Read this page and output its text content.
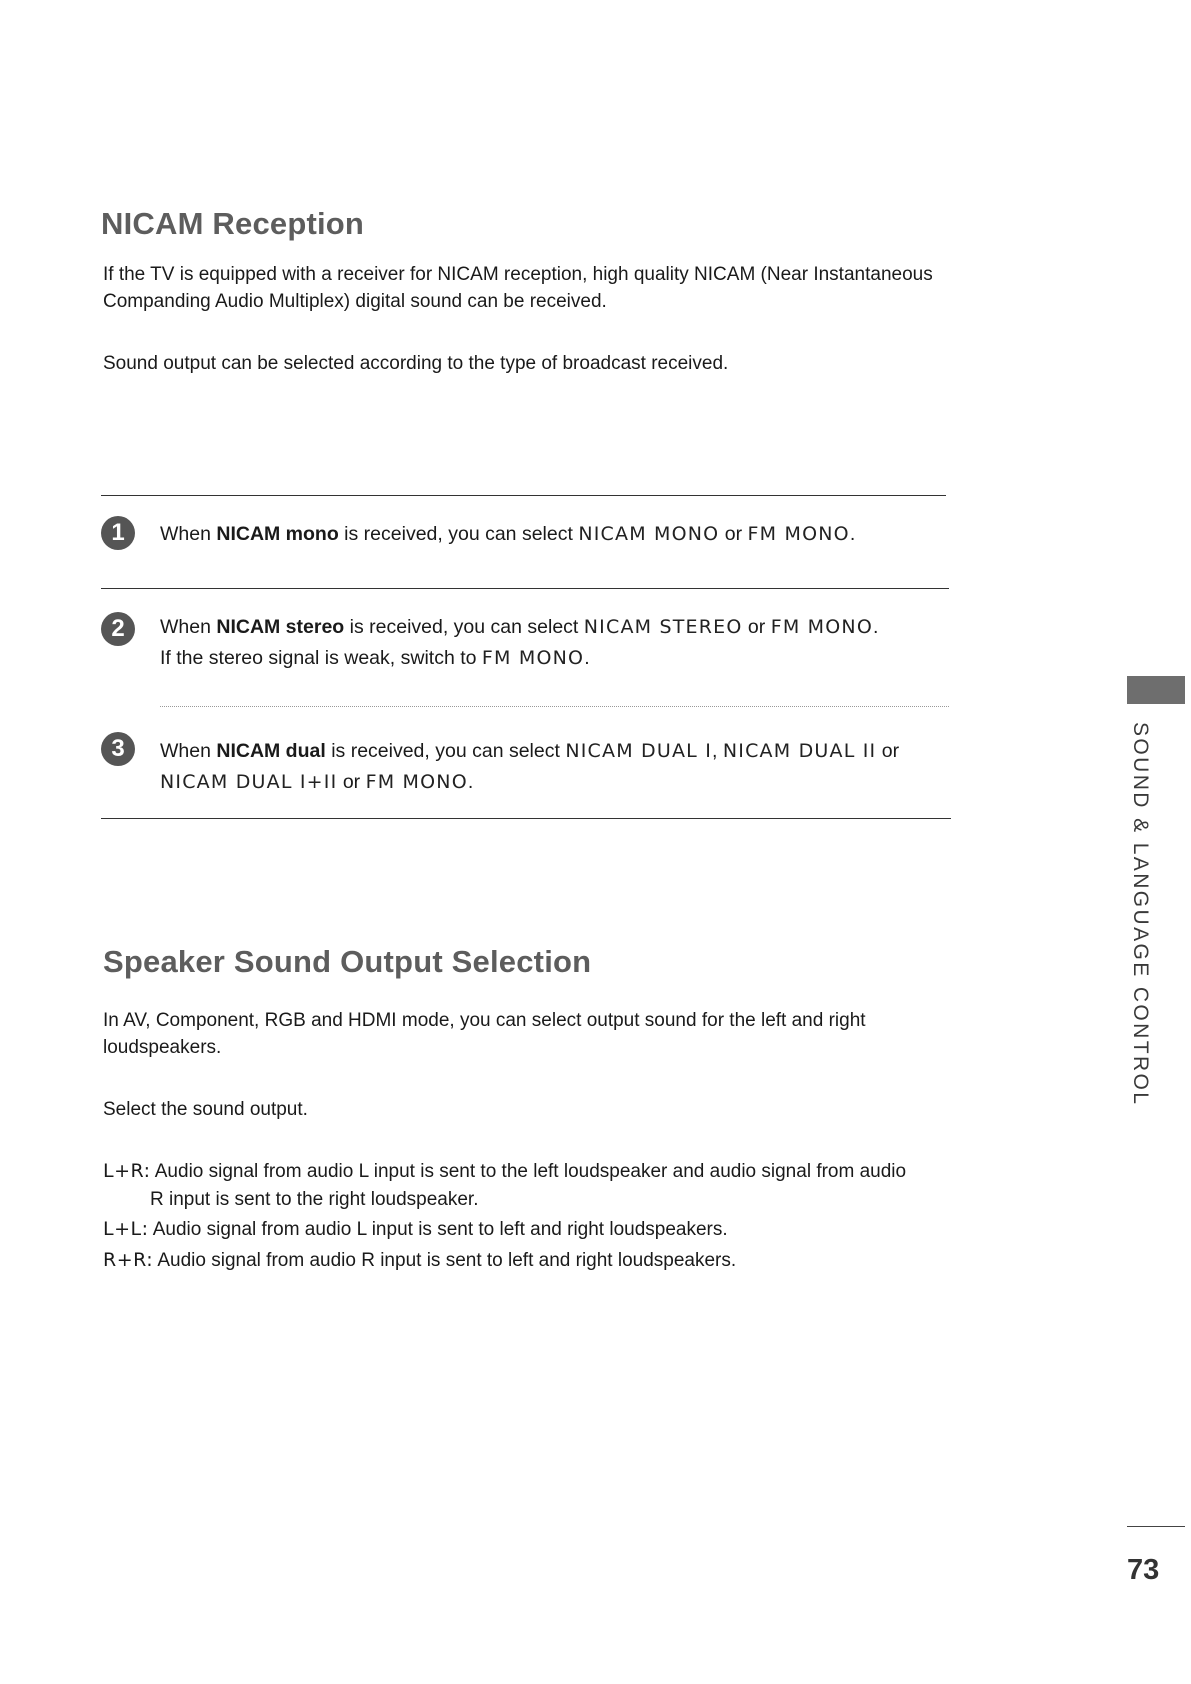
NICAM Reception

If the TV is equipped with a receiver for NICAM reception, high quality NICAM (Near Instantaneous
Companding Audio Multiplex) digital sound can be received.

Sound output can be selected according to the type of broadcast received.

1	When NICAM mono is received, you can select NICAM MONO or FM MONO.
2	When NICAM stereo is received, you can select NICAM STEREO or FM MONO.
If the stereo signal is weak, switch to FM MONO.
3	When NICAM dual is received, you can select NICAM DUAL I, NICAM DUAL II or
NICAM DUAL I+II or FM MONO.
Speaker Sound Output Selection

In AV, Component, RGB and HDMI mode, you can select output sound for the left and right
loudspeakers.

Select the sound output.

L+R: Audio signal from audio L input is sent to the left loudspeaker and audio signal from audio
R input is sent to the right loudspeaker.
L+L: Audio signal from audio L input is sent to left and right loudspeakers.
R+R: Audio signal from audio R input is sent to left and right loudspeakers.
SOUND & LANGUAGE CONTROL
73
